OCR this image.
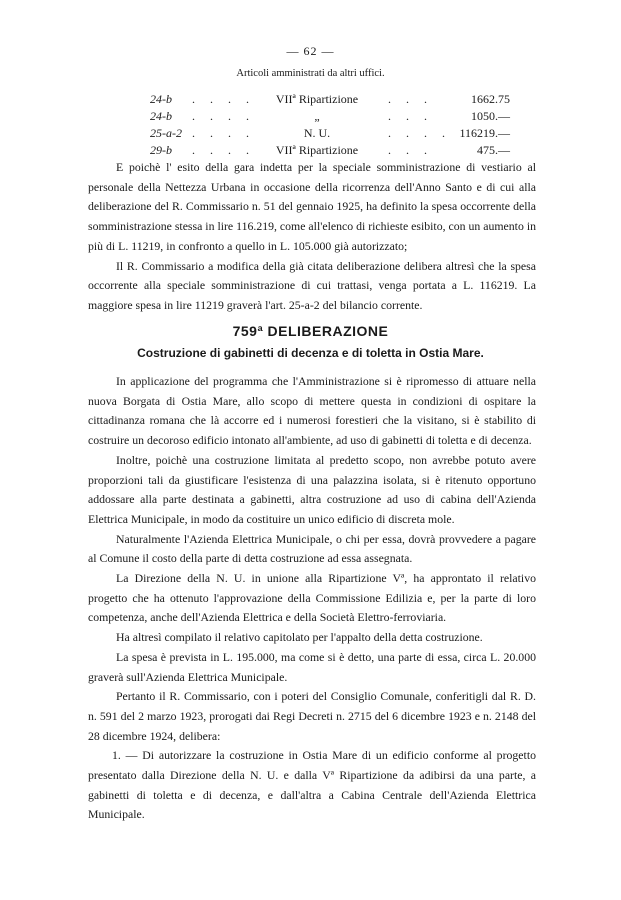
— 62 —
Articoli amministrati da altri uffici.
24-b . . . .	VIIª Ripartizione	. . .	1662.75
24-b . . . .	„	. . .	1050.—
25-a-2 . . . .	N. U.	. . . . 116219.—
29-b . . . .	VIIª Ripartizione	. . .	475.—

E poichè l' esito della gara indetta per la speciale somministrazione di vestiario al personale della Nettezza Urbana in occasione della ricorrenza dell'Anno Santo e di cui alla deliberazione del R. Commissario n. 51 del gennaio 1925, ha definito la spesa occorrente della somministrazione stessa in lire 116.219, come all'elenco di richieste esibito, con un aumento in più di L. 11219, in confronto a quello in L. 105.000 già autorizzato;

Il R. Commissario a modifica della già citata deliberazione delibera altresì che la spesa occorrente alla speciale somministrazione di cui trattasi, venga portata a L. 116219. La maggiore spesa in lire 11219 graverà l'art. 25-a-2 del bilancio corrente.

759ª DELIBERAZIONE
Costruzione di gabinetti di decenza e di toletta in Ostia Mare.

In applicazione del programma che l'Amministrazione si è ripromesso di attuare nella nuova Borgata di Ostia Mare, allo scopo di mettere questa in condizioni di ospitare la cittadinanza romana che là accorre ed i numerosi forestieri che la visitano, si è stabilito di costruire un decoroso edificio intonato all'ambiente, ad uso di gabinetti di toletta e di decenza.

Inoltre, poichè una costruzione limitata al predetto scopo, non avrebbe potuto avere proporzioni tali da giustificare l'esistenza di una palazzina isolata, si è ritenuto opportuno addossare alla parte destinata a gabinetti, altra costruzione ad uso di cabina dell'Azienda Elettrica Municipale, in modo da costituire un unico edificio di discreta mole.

Naturalmente l'Azienda Elettrica Municipale, o chi per essa, dovrà provvedere a pagare al Comune il costo della parte di detta costruzione ad essa assegnata.

La Direzione della N. U. in unione alla Ripartizione Vª, ha approntato il relativo progetto che ha ottenuto l'approvazione della Commissione Edilizia e, per la parte di loro competenza, anche dell'Azienda Elettrica e della Società Elettro-ferroviaria.

Ha altresì compilato il relativo capitolato per l'appalto della detta costruzione.

La spesa è prevista in L. 195.000, ma come si è detto, una parte di essa, circa L. 20.000 graverà sull'Azienda Elettrica Municipale.

Pertanto il R. Commissario, con i poteri del Consiglio Comunale, conferitigli dal R. D. n. 591 del 2 marzo 1923, prorogati dai Regi Decreti n. 2715 del 6 dicembre 1923 e n. 2148 del 28 dicembre 1924, delibera:

1. — Di autorizzare la costruzione in Ostia Mare di un edificio conforme al progetto presentato dalla Direzione della N. U. e dalla Vª Ripartizione da adibirsi da una parte, a gabinetti di toletta e di decenza, e dall'altra a Cabina Centrale dell'Azienda Elettrica Municipale.
